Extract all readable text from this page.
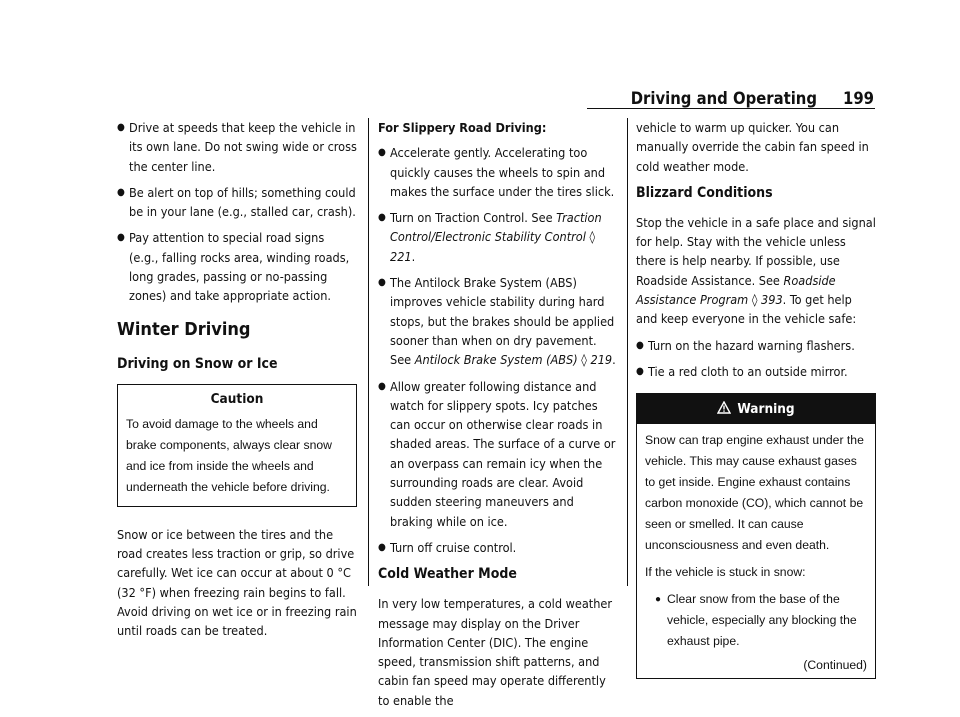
Driving and Operating 199
● Drive at speeds that keep the vehicle in its own lane. Do not swing wide or cross the center line.
● Be alert on top of hills; something could be in your lane (e.g., stalled car, crash).
● Pay attention to special road signs (e.g., falling rocks area, winding roads, long grades, passing or no-passing zones) and take appropriate action.
Winter Driving
Driving on Snow or Ice
Caution
To avoid damage to the wheels and brake components, always clear snow and ice from inside the wheels and underneath the vehicle before driving.

Snow or ice between the tires and the road creates less traction or grip, so drive carefully. Wet ice can occur at about 0 °C (32 °F) when freezing rain begins to fall. Avoid driving on wet ice or in freezing rain until roads can be treated.

For Slippery Road Driving:
● Accelerate gently. Accelerating too quickly causes the wheels to spin and makes the surface under the tires slick.
● Turn on Traction Control. See Traction Control/Electronic Stability Control ◊ 221.
● The Antilock Brake System (ABS) improves vehicle stability during hard stops, but the brakes should be applied sooner than when on dry pavement. See Antilock Brake System (ABS) ◊ 219.
● Allow greater following distance and watch for slippery spots. Icy patches can occur on otherwise clear roads in shaded areas. The surface of a curve or an overpass can remain icy when the surrounding roads are clear. Avoid sudden steering maneuvers and braking while on ice.
● Turn off cruise control.
Cold Weather Mode

In very low temperatures, a cold weather message may display on the Driver Information Center (DIC). The engine speed, transmission shift patterns, and cabin fan speed may operate differently to enable the

vehicle to warm up quicker. You can manually override the cabin fan speed in cold weather mode.

Blizzard Conditions

Stop the vehicle in a safe place and signal for help. Stay with the vehicle unless there is help nearby. If possible, use Roadside Assistance. See Roadside Assistance Program ◊ 393. To get help and keep everyone in the vehicle safe:

● Turn on the hazard warning flashers.
● Tie a red cloth to an outside mirror.
Warning

Snow can trap engine exhaust under the vehicle. This may cause exhaust gases to get inside. Engine exhaust contains carbon monoxide (CO), which cannot be seen or smelled. It can cause unconsciousness and even death.

If the vehicle is stuck in snow:

● Clear snow from the base of the vehicle, especially any blocking the exhaust pipe.
(Continued)
